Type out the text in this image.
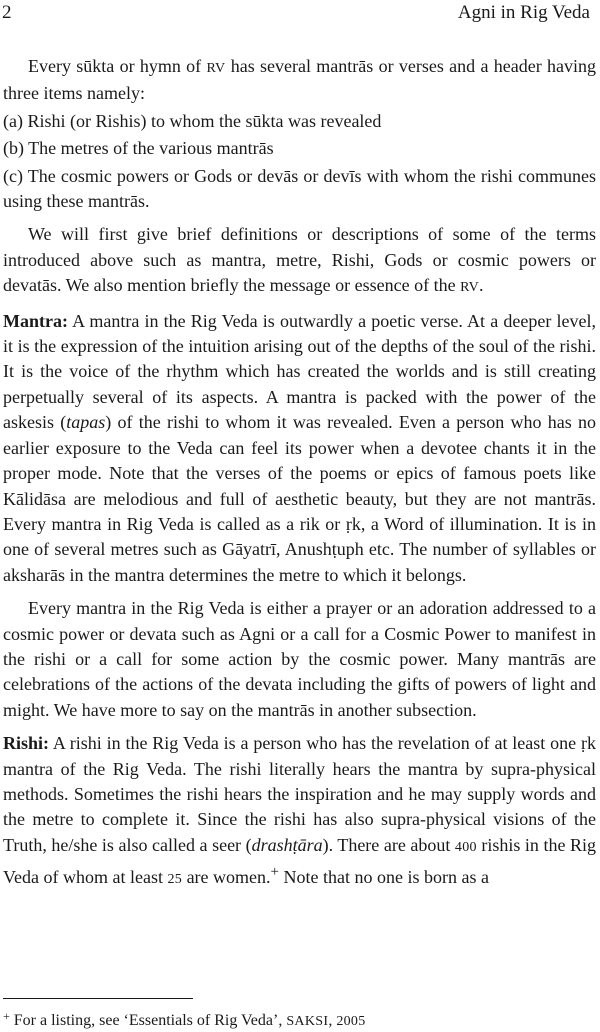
2	Agni in Rig Veda

Every sūkta or hymn of RV has several mantrās or verses and a header having three items namely:

(a) Rishi (or Rishis) to whom the sūkta was revealed

(b) The metres of the various mantrās

(c) The cosmic powers or Gods or devās or devīs with whom the rishi communes using these mantrās.

We will first give brief definitions or descriptions of some of the terms introduced above such as mantra, metre, Rishi, Gods or cosmic powers or devatās. We also mention briefly the message or essence of the RV.

Mantra: A mantra in the Rig Veda is outwardly a poetic verse. At a deeper level, it is the expression of the intuition arising out of the depths of the soul of the rishi. It is the voice of the rhythm which has created the worlds and is still creating perpetually several of its aspects. A mantra is packed with the power of the askesis (tapas) of the rishi to whom it was revealed. Even a person who has no earlier exposure to the Veda can feel its power when a devotee chants it in the proper mode. Note that the verses of the poems or epics of famous poets like Kālidāsa are melodious and full of aesthetic beauty, but they are not mantrās. Every mantra in Rig Veda is called as a rik or ṛk, a Word of illumination. It is in one of several metres such as Gāyatrī, Anushṭuph etc. The number of syllables or aksharās in the mantra determines the metre to which it belongs.

Every mantra in the Rig Veda is either a prayer or an adoration addressed to a cosmic power or devata such as Agni or a call for a Cosmic Power to manifest in the rishi or a call for some action by the cosmic power. Many mantrās are celebrations of the actions of the devata including the gifts of powers of light and might. We have more to say on the mantrās in another subsection.

Rishi: A rishi in the Rig Veda is a person who has the revelation of at least one ṛk mantra of the Rig Veda. The rishi literally hears the mantra by supra-physical methods. Sometimes the rishi hears the inspiration and he may supply words and the metre to complete it. Since the rishi has also supra-physical visions of the Truth, he/she is also called a seer (drashṭāra). There are about 400 rishis in the Rig Veda of whom at least 25 are women.+ Note that no one is born as a

+ For a listing, see ‘Essentials of Rig Veda’, SAKSI, 2005
